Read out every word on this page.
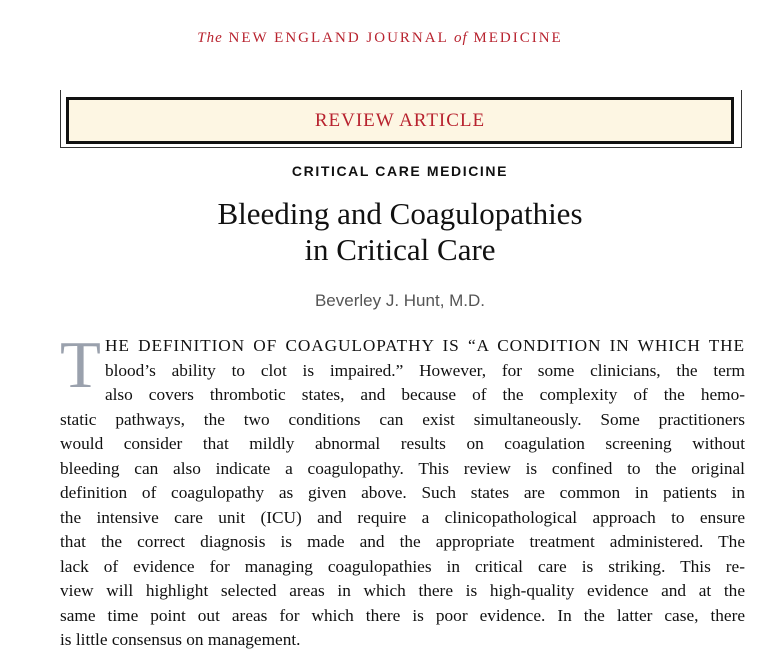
The NEW ENGLAND JOURNAL of MEDICINE
REVIEW ARTICLE
CRITICAL CARE MEDICINE
Bleeding and Coagulopathies
in Critical Care
Beverley J. Hunt, M.D.
T HE DEFINITION OF COAGULOPATHY IS “A CONDITION IN WHICH THE
blood’s ability to clot is impaired.” However, for some clinicians, the term
also covers thrombotic states, and because of the complexity of the hemo-
static pathways, the two conditions can exist simultaneously. Some practitioners
would consider that mildly abnormal results on coagulation screening without
bleeding can also indicate a coagulopathy. This review is confined to the original
definition of coagulopathy as given above. Such states are common in patients in
the intensive care unit (ICU) and require a clinicopathological approach to ensure
that the correct diagnosis is made and the appropriate treatment administered. The
lack of evidence for managing coagulopathies in critical care is striking. This re-
view will highlight selected areas in which there is high-quality evidence and at the
same time point out areas for which there is poor evidence. In the latter case, there
is little consensus on management.
